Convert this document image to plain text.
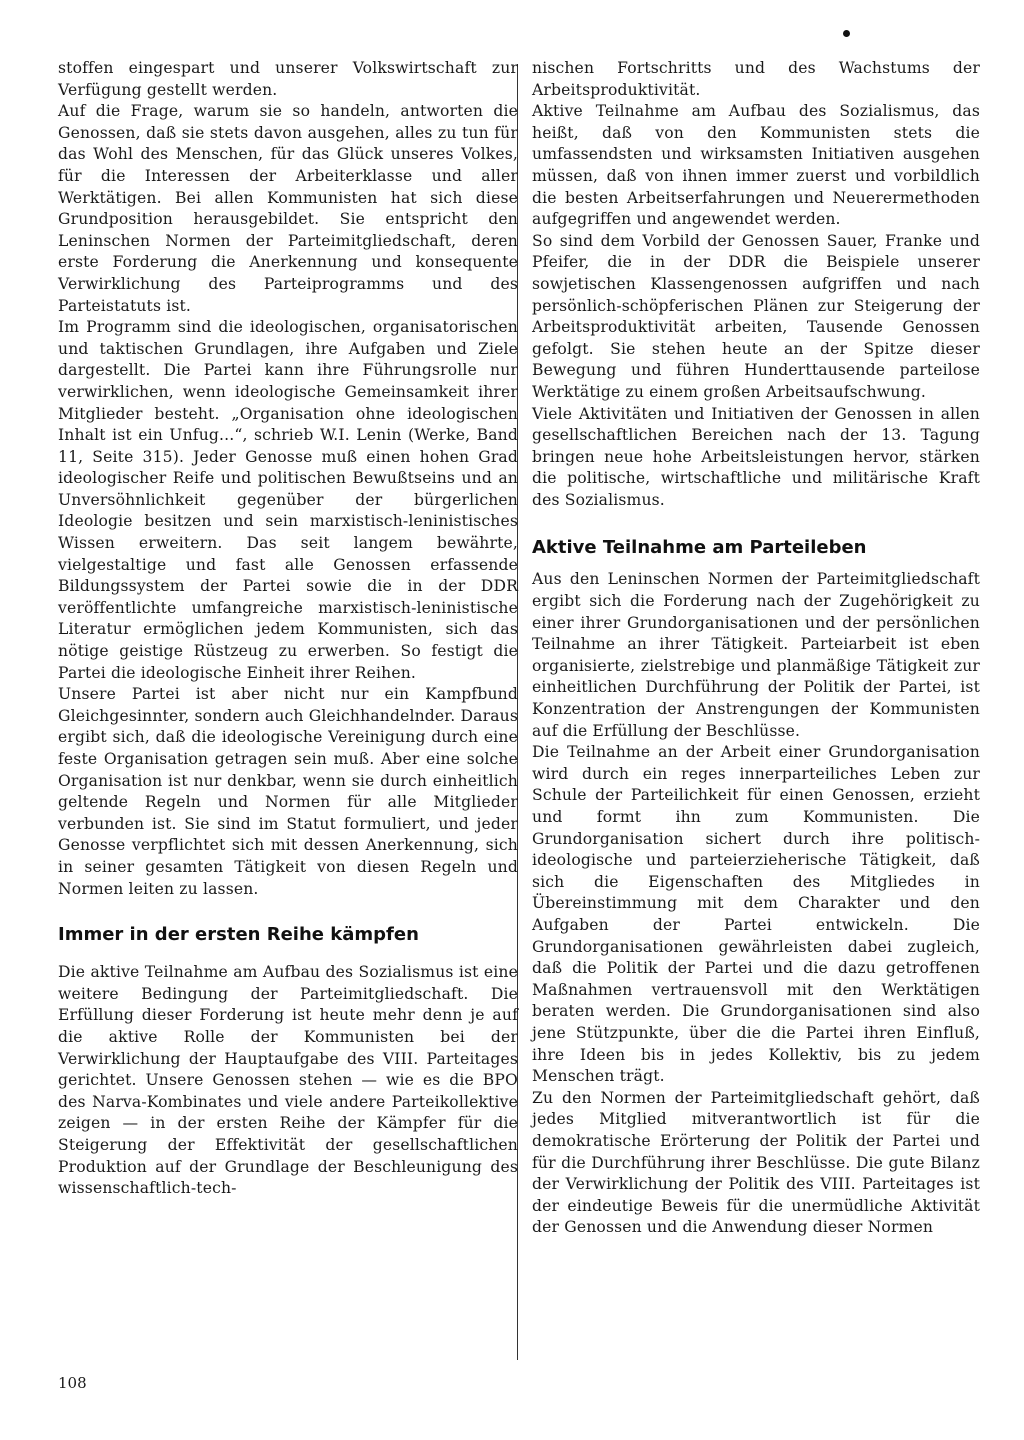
stoffen eingespart und unserer Volkswirtschaft zur Verfügung gestellt werden.

Auf die Frage, warum sie so handeln, antworten die Genossen, daß sie stets davon ausgehen, alles zu tun für das Wohl des Menschen, für das Glück unseres Volkes, für die Interessen der Arbeiterklasse und aller Werktätigen. Bei allen Kommunisten hat sich diese Grundposition herausgebildet. Sie entspricht den Leninschen Normen der Parteimitgliedschaft, deren erste Forderung die Anerkennung und konsequente Verwirklichung des Parteiprogramms und des Parteistatuts ist.

Im Programm sind die ideologischen, organisatorischen und taktischen Grundlagen, ihre Aufgaben und Ziele dargestellt. Die Partei kann ihre Führungsrolle nur verwirklichen, wenn ideologische Gemeinsamkeit ihrer Mitglieder besteht. „Organisation ohne ideologischen Inhalt ist ein Unfug...“, schrieb W.I. Lenin (Werke, Band 11, Seite 315). Jeder Genosse muß einen hohen Grad ideologischer Reife und politischen Bewußtseins und an Unversöhnlichkeit gegenüber der bürgerlichen Ideologie besitzen und sein marxistisch-leninistisches Wissen erweitern. Das seit langem bewährte, vielgestaltige und fast alle Genossen erfassende Bildungssystem der Partei sowie die in der DDR veröffentlichte umfangreiche marxistisch-leninistische Literatur ermöglichen jedem Kommunisten, sich das nötige geistige Rüstzeug zu erwerben. So festigt die Partei die ideologische Einheit ihrer Reihen.

Unsere Partei ist aber nicht nur ein Kampfbund Gleichgesinnter, sondern auch Gleichhandelnder. Daraus ergibt sich, daß die ideologische Vereinigung durch eine feste Organisation getragen sein muß. Aber eine solche Organisation ist nur denkbar, wenn sie durch einheitlich geltende Regeln und Normen für alle Mitglieder verbunden ist. Sie sind im Statut formuliert, und jeder Genosse verpflichtet sich mit dessen Anerkennung, sich in seiner gesamten Tätigkeit von diesen Regeln und Normen leiten zu lassen.

Immer in der ersten Reihe kämpfen

Die aktive Teilnahme am Aufbau des Sozialismus ist eine weitere Bedingung der Parteimitgliedschaft. Die Erfüllung dieser Forderung ist heute mehr denn je auf die aktive Rolle der Kommunisten bei der Verwirklichung der Hauptaufgabe des VIII. Parteitages gerichtet. Unsere Genossen stehen — wie es die BPO des Narva-Kombinates und viele andere Parteikollektive zeigen — in der ersten Reihe der Kämpfer für die Steigerung der Effektivität der gesellschaftlichen Produktion auf der Grundlage der Beschleunigung des wissenschaftlich-tech-

nischen Fortschritts und des Wachstums der Arbeitsproduktivität.

Aktive Teilnahme am Aufbau des Sozialismus, das heißt, daß von den Kommunisten stets die umfassendsten und wirksamsten Initiativen ausgehen müssen, daß von ihnen immer zuerst und vorbildlich die besten Arbeitserfahrungen und Neuerermethoden aufgegriffen und angewendet werden.

So sind dem Vorbild der Genossen Sauer, Franke und Pfeifer, die in der DDR die Beispiele unserer sowjetischen Klassengenossen aufgriffen und nach persönlich-schöpferischen Plänen zur Steigerung der Arbeitsproduktivität arbeiten, Tausende Genossen gefolgt. Sie stehen heute an der Spitze dieser Bewegung und führen Hunderttausende parteilose Werktätige zu einem großen Arbeitsaufschwung.

Viele Aktivitäten und Initiativen der Genossen in allen gesellschaftlichen Bereichen nach der 13. Tagung bringen neue hohe Arbeitsleistungen hervor, stärken die politische, wirtschaftliche und militärische Kraft des Sozialismus.

Aktive Teilnahme am Parteileben

Aus den Leninschen Normen der Parteimitgliedschaft ergibt sich die Forderung nach der Zugehörigkeit zu einer ihrer Grundorganisationen und der persönlichen Teilnahme an ihrer Tätigkeit. Parteiarbeit ist eben organisierte, zielstrebige und planmäßige Tätigkeit zur einheitlichen Durchführung der Politik der Partei, ist Konzentration der Anstrengungen der Kommunisten auf die Erfüllung der Beschlüsse.

Die Teilnahme an der Arbeit einer Grundorganisation wird durch ein reges innerparteiliches Leben zur Schule der Parteilichkeit für einen Genossen, erzieht und formt ihn zum Kommunisten. Die Grundorganisation sichert durch ihre politisch-ideologische und parteierzieherische Tätigkeit, daß sich die Eigenschaften des Mitgliedes in Übereinstimmung mit dem Charakter und den Aufgaben der Partei entwickeln. Die Grundorganisationen gewährleisten dabei zugleich, daß die Politik der Partei und die dazu getroffenen Maßnahmen vertrauensvoll mit den Werktätigen beraten werden. Die Grundorganisationen sind also jene Stützpunkte, über die die Partei ihren Einfluß, ihre Ideen bis in jedes Kollektiv, bis zu jedem Menschen trägt.

Zu den Normen der Parteimitgliedschaft gehört, daß jedes Mitglied mitverantwortlich ist für die demokratische Erörterung der Politik der Partei und für die Durchführung ihrer Beschlüsse. Die gute Bilanz der Verwirklichung der Politik des VIII. Parteitages ist der eindeutige Beweis für die unermüdliche Aktivität der Genossen und die Anwendung dieser Normen

108
